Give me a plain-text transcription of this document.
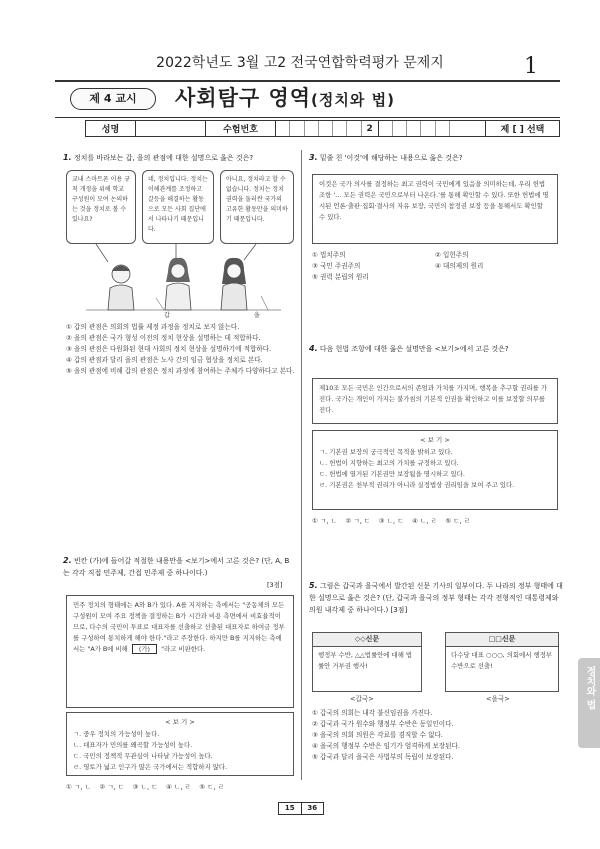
2022학년도 3월 고2 전국연합학력평가 문제지	1
제 4 교시	사회탐구 영역(정치와 법)
성명	수험번호	2	제 [ ] 선택
1. 정치를 바라보는 갑, 을의 관점에 대한 설명으로 옳은 것은?
교내 스마트폰 이용 규칙 개정을 위해 학교 구성원이 모여 논의하는 것을 정치로 볼 수 있나요?
네, 정치입니다. 정치는 이해관계를 조정하고 갈등을 해결하는 활동으로 모든 사회 집단에서 나타나기 때문입니다.
아니요, 정치라고 할 수 없습니다. 정치는 정치권력을 둘러싼 국가의 고유한 활동만을 의미하기 때문입니다.
갑	을
① 갑의 관점은 의회의 법률 제정 과정을 정치로 보지 않는다.
② 을의 관점은 국가 형성 이전의 정치 현상을 설명하는 데 적합하다.
③ 을의 관점은 다원화된 현대 사회의 정치 현상을 설명하기에 적합하다.
④ 갑의 관점과 달리 을의 관점은 노사 간의 임금 협상을 정치로 본다.
⑤ 을의 관점에 비해 갑의 관점은 정치 과정에 참여하는 주체가 다양하다고 본다.
2. 빈칸 (가)에 들어갈 적절한 내용만을 <보기>에서 고른 것은? (단, A, B는 각각 직접 민주제, 간접 민주제 중 하나이다.)
[3점]
민주 정치의 형태에는 A와 B가 있다. A를 지지하는 측에서는 "공동체의 모든 구성원이 모여 주요 정책을 결정하는 B가 시간과 비용 측면에서 비효율적이므로, 다수의 국민이 투표로 대표자를 선출하고 선출된 대표자로 하여금 정부를 구성하여 통치하게 해야 한다."라고 주장한다. 하지만 B를 지지하는 측에서는 "A가 B에 비해 (가) "라고 비판한다.
< 보 기 >
ㄱ. 중우 정치의 가능성이 높다.
ㄴ. 대표자가 민의를 왜곡할 가능성이 높다.
ㄷ. 국민의 정책적 무관심이 나타날 가능성이 높다.
ㄹ. 영토가 넓고 인구가 많은 국가에서는 적합하지 않다.
① ㄱ, ㄴ    ② ㄱ, ㄷ    ③ ㄴ, ㄷ    ④ ㄴ, ㄹ    ⑤ ㄷ, ㄹ
3. 밑줄 친 '이것'에 해당하는 내용으로 옳은 것은?
이것은 국가 의사를 결정하는 최고 권력이 국민에게 있음을 의미하는데, 우리 헌법 조항 '… 모든 권력은 국민으로부터 나온다.'를 통해 확인할 수 있다. 또한 헌법에 명시된 언론·출판·집회·결사의 자유 보장, 국민의 참정권 보장 등을 통해서도 확인할 수 있다.
① 법치주의	② 입헌주의
③ 국민 주권주의	④ 대의제의 원리
⑤ 권력 분립의 원리
4. 다음 헌법 조항에 대한 옳은 설명만을 <보기>에서 고른 것은?
제10조 모든 국민은 인간으로서의 존엄과 가치를 가지며, 행복을 추구할 권리를 가진다. 국가는 개인이 가지는 불가침의 기본적 인권을 확인하고 이를 보장할 의무를 진다.
< 보 기 >
ㄱ. 기본권 보장의 궁극적인 목적을 밝히고 있다.
ㄴ. 헌법이 지향하는 최고의 가치를 규정하고 있다.
ㄷ. 헌법에 열거된 기본권만 보장됨을 명시하고 있다.
ㄹ. 기본권은 천부적 권리가 아니라 실정법상 권리임을 보여 주고 있다.
① ㄱ, ㄴ    ② ㄱ, ㄷ    ③ ㄴ, ㄷ    ④ ㄴ, ㄹ    ⑤ ㄷ, ㄹ
5. 그림은 갑국과 을국에서 발간된 신문 기사의 일부이다. 두 나라의 정부 형태에 대한 설명으로 옳은 것은? (단, 갑국과 을국의 정부 형태는 각각 전형적인 대통령제와 의원 내각제 중 하나이다.) [3점]
◇◇신문
행정부 수반, △△법률안에 대해 법률안 거부권 행사!
□□신문
다수당 대표 ○○○, 의회에서 행정부 수반으로 선출!
<갑국>	<을국>
① 갑국의 의회는 내각 불신임권을 가진다.
② 갑국과 국가 원수와 행정부 수반은 동일인이다.
③ 을국의 의회 의원은 각료를 겸직할 수 없다.
④ 을국의 행정부 수반은 임기가 엄격하게 보장된다.
⑤ 갑국과 달리 을국은 사법부의 독립이 보장된다.
정치와 법
15	36
